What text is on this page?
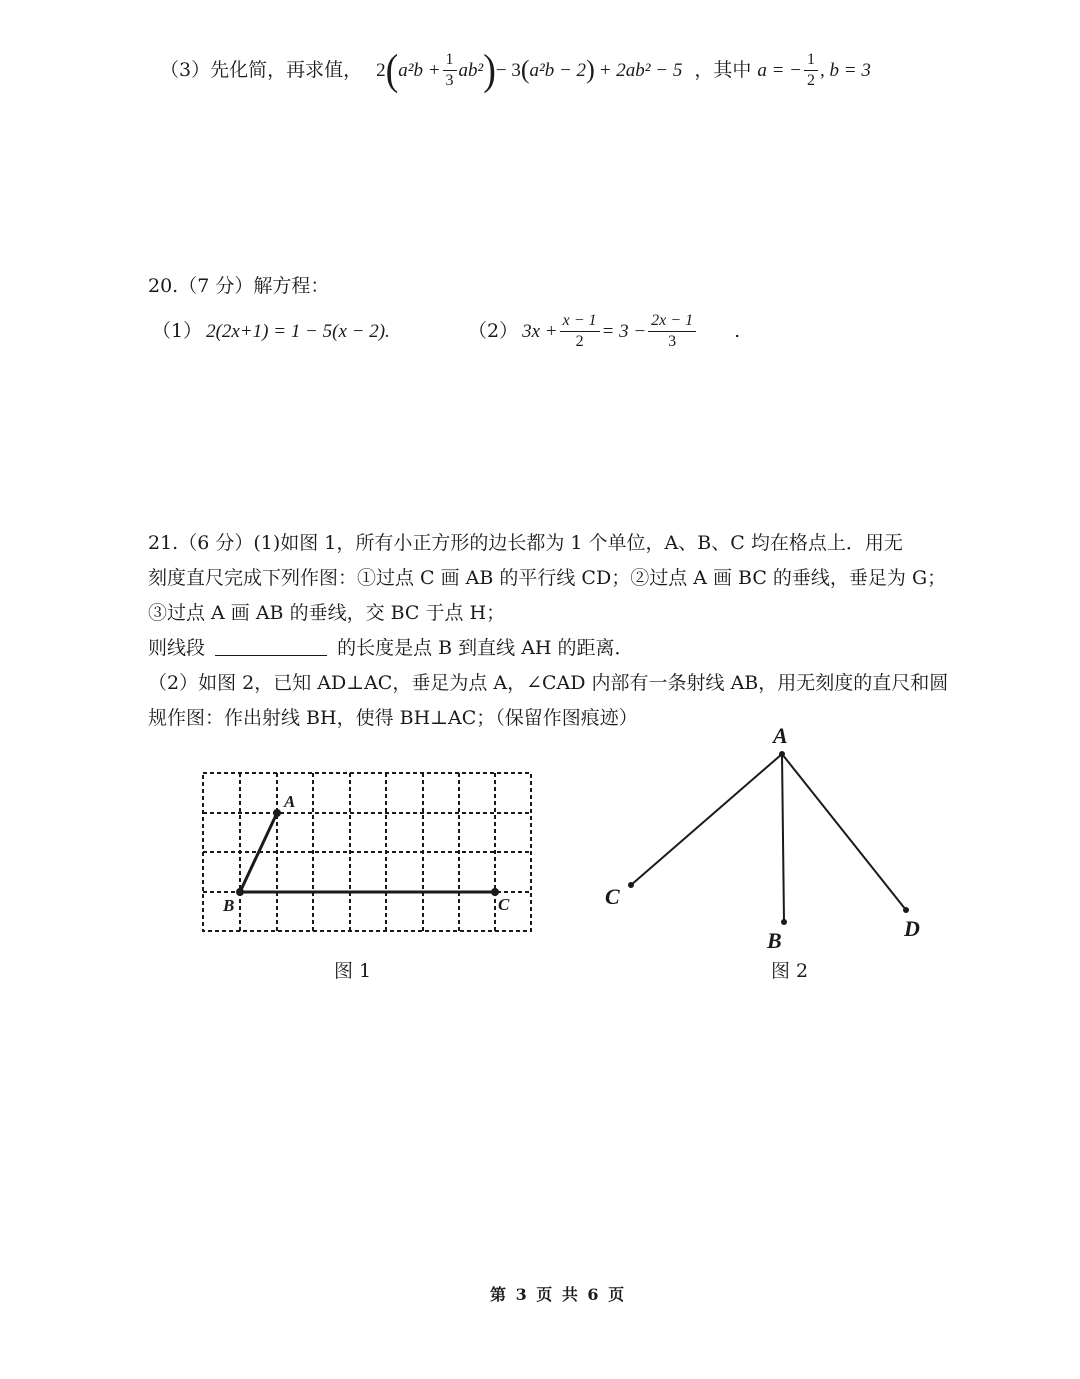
（3）先化简，再求值， 2 ( $a^2b + \frac{1}{3} ab^2$ ) − 3 ( a²b − 2 ) + 2ab² − 5 ，其中 a = − $\frac{1}{2}$ , b = 3
20.（7 分）解方程：
（1） 2(2x+1) = 1 − 5(x − 2).	（2） $3x + \frac{x - 1}{2} = 3 - \frac{2x - 1}{3}$ .
21.（6 分）(1)如图 1，所有小正方形的边长都为 1 个单位，A、B、C 均在格点上．用无
刻度直尺完成下列作图：①过点 C 画 AB 的平行线 CD；②过点 A 画 BC 的垂线，垂足为 G；
③过点 A 画 AB 的垂线，交 BC 于点 H；
则线段	的长度是点 B 到直线 AH 的距离．
（2）如图 2，已知 AD⊥AC，垂足为点 A，∠CAD 内部有一条射线 AB，用无刻度的直尺和圆
规作图：作出射线 BH，使得 BH⊥AC；（保留作图痕迹）
A
B	C
图 1
A
C
B	D
图 2
第 3 页 共 6 页
